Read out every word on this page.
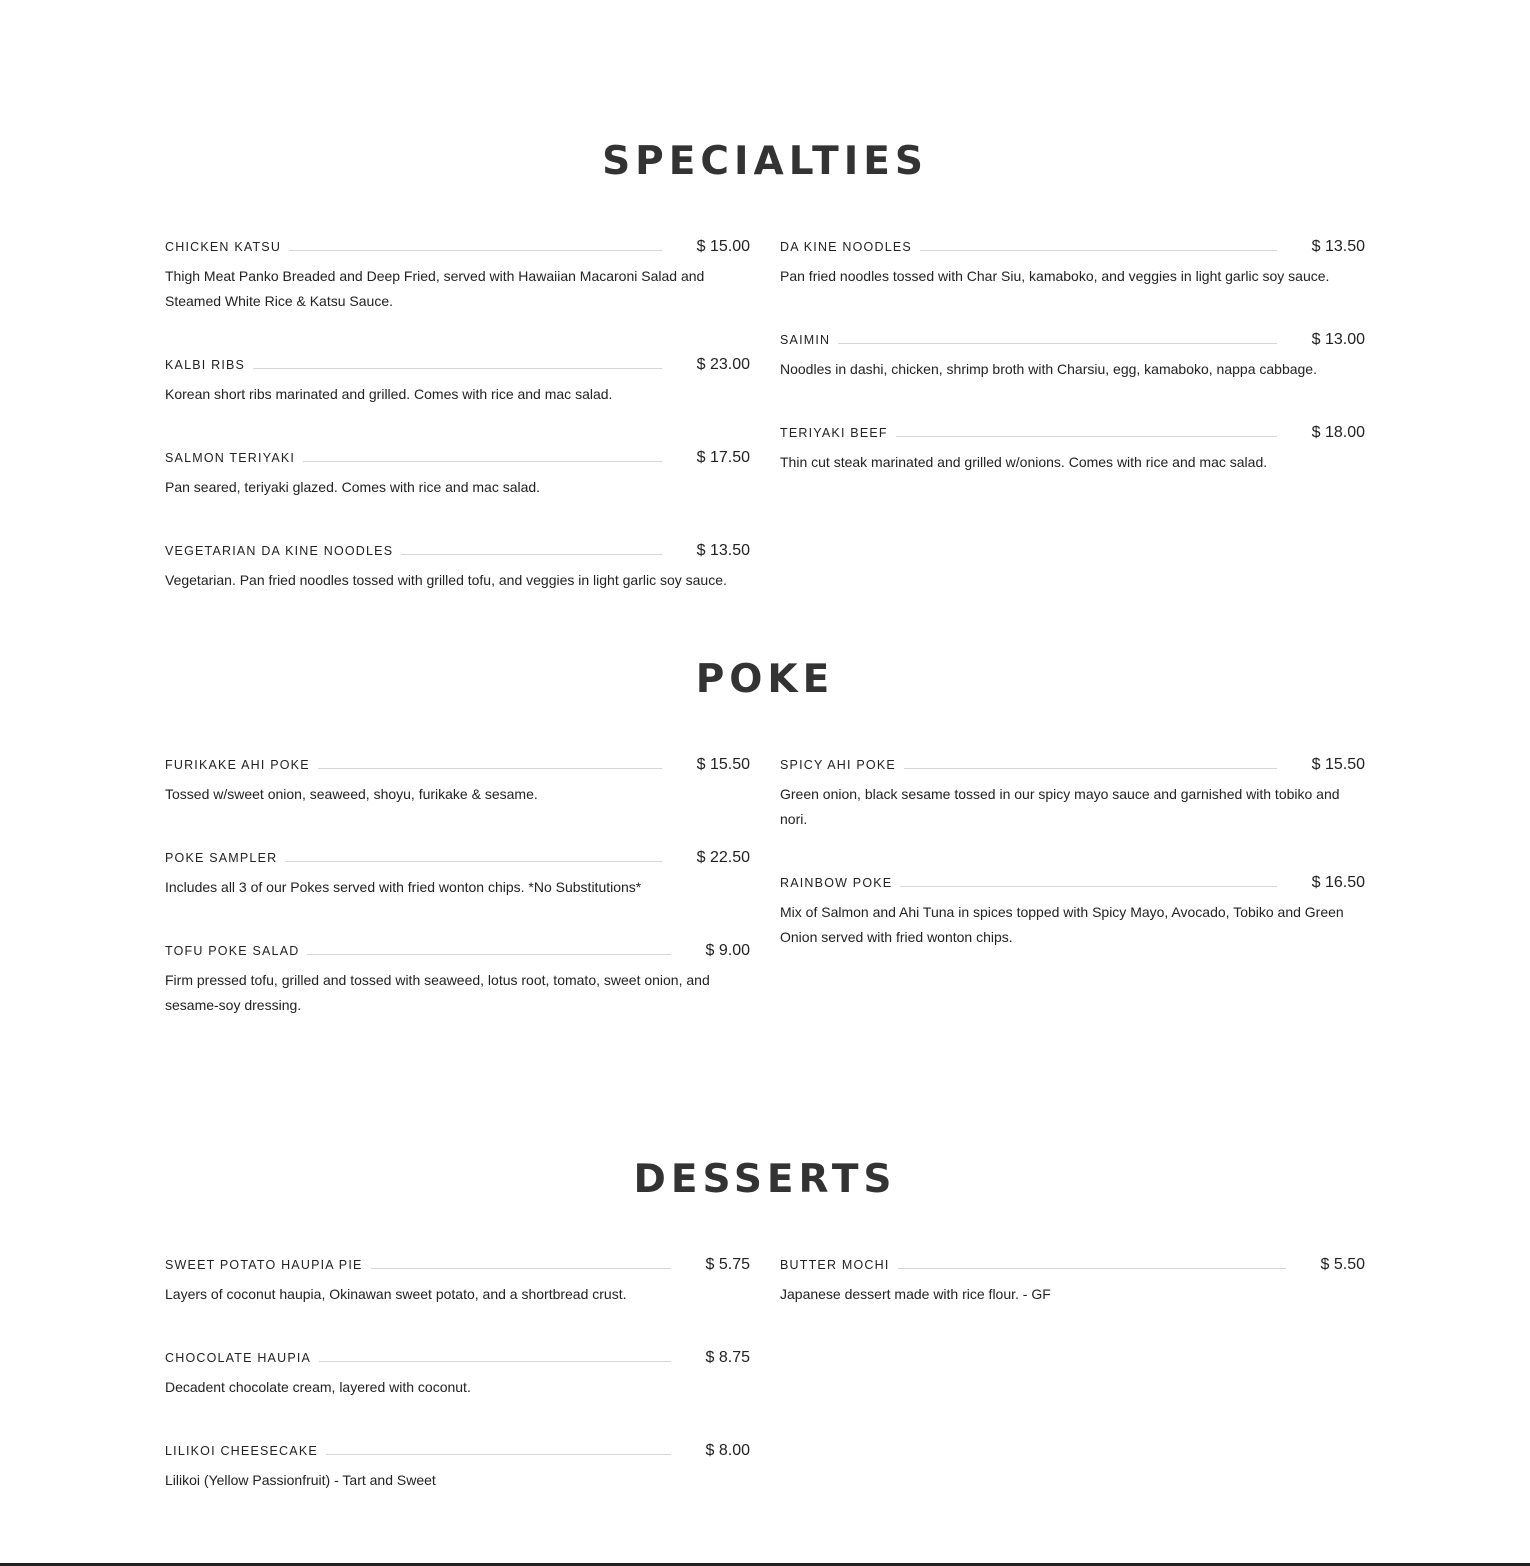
SPECIALTIES
CHICKEN KATSU	$ 15.00
Thigh Meat Panko Breaded and Deep Fried, served with Hawaiian Macaroni Salad and Steamed White Rice & Katsu Sauce.
KALBI RIBS	$ 23.00
Korean short ribs marinated and grilled. Comes with rice and mac salad.
SALMON TERIYAKI	$ 17.50
Pan seared, teriyaki glazed. Comes with rice and mac salad.
VEGETARIAN DA KINE NOODLES	$ 13.50
Vegetarian. Pan fried noodles tossed with grilled tofu, and veggies in light garlic soy sauce.
DA KINE NOODLES	$ 13.50
Pan fried noodles tossed with Char Siu, kamaboko, and veggies in light garlic soy sauce.
SAIMIN	$ 13.00
Noodles in dashi, chicken, shrimp broth with Charsiu, egg, kamaboko, nappa cabbage.
TERIYAKI BEEF	$ 18.00
Thin cut steak marinated and grilled w/onions. Comes with rice and mac salad.
POKE
FURIKAKE AHI POKE	$ 15.50
Tossed w/sweet onion, seaweed, shoyu, furikake & sesame.
POKE SAMPLER	$ 22.50
Includes all 3 of our Pokes served with fried wonton chips. *No Substitutions*
TOFU POKE SALAD	$ 9.00
Firm pressed tofu, grilled and tossed with seaweed, lotus root, tomato, sweet onion, and sesame-soy dressing.
SPICY AHI POKE	$ 15.50
Green onion, black sesame tossed in our spicy mayo sauce and garnished with tobiko and nori.
RAINBOW POKE	$ 16.50
Mix of Salmon and Ahi Tuna in spices topped with Spicy Mayo, Avocado, Tobiko and Green Onion served with fried wonton chips.
DESSERTS
SWEET POTATO HAUPIA PIE	$ 5.75
Layers of coconut haupia, Okinawan sweet potato, and a shortbread crust.
CHOCOLATE HAUPIA	$ 8.75
Decadent chocolate cream, layered with coconut.
LILIKOI CHEESECAKE	$ 8.00
Lilikoi (Yellow Passionfruit) - Tart and Sweet
BUTTER MOCHI	$ 5.50
Japanese dessert made with rice flour. - GF
